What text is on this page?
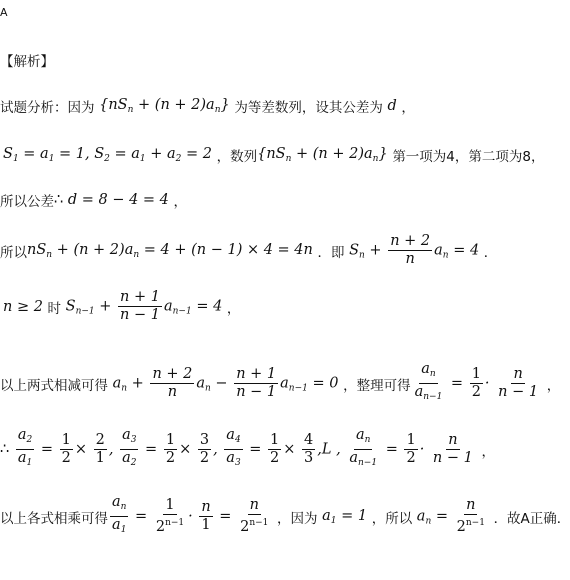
A
【解析】
试题分析：因为 $\{nS_n + (n + 2)a_n\}$ 为等差数列，设其公差为 d ，
$S_1 = a_1 = 1$, $S_2 = a_1 + a_2 = 2$ ，数列 $\{nS_n + (n + 2)a_n\}$ 第一项为4，第二项为8，
所以公差 ∴ d = 8 − 4 = 4 ，
所以 $nS_n + (n + 2)a_n = 4 + (n - 1) \times 4 = 4n$ ．即 $S_n + \frac{n + 2}{n} a_n = 4$ ．
n ≥ 2 时 $S_{n-1} + \frac{n + 1}{n - 1} a_{n-1} = 4$ ，
以上两式相减可得 $a_n + \frac{n + 2}{n} a_n - \frac{n + 1}{n - 1} a_{n-1} = 0$ ，整理可得 $\frac{a_n}{a_{n-1}} = \frac{1}{2} \cdot \frac{n}{n - 1}$
，
∴ $\frac{a_2}{a_1} = \frac{1}{2} \times \frac{2}{1}$ , $\frac{a_3}{a_2} = \frac{1}{2} \times \frac{3}{2}$ , $\frac{a_4}{a_3} = \frac{1}{2} \times \frac{4}{3} ,L$ , $\frac{a_n}{a_{n-1}} = \frac{1}{2} \cdot \frac{n}{n - 1}$
，
以上各式相乘可得 $\frac{a_n}{a_1} = \frac{1}{2^{n-1}} \cdot \frac{n}{1} = \frac{n}{2^{n-1}}$
，因为 $a_1 = 1$ ，所以 $a_n = \frac{n}{2^{n-1}}$
．故A正确．
